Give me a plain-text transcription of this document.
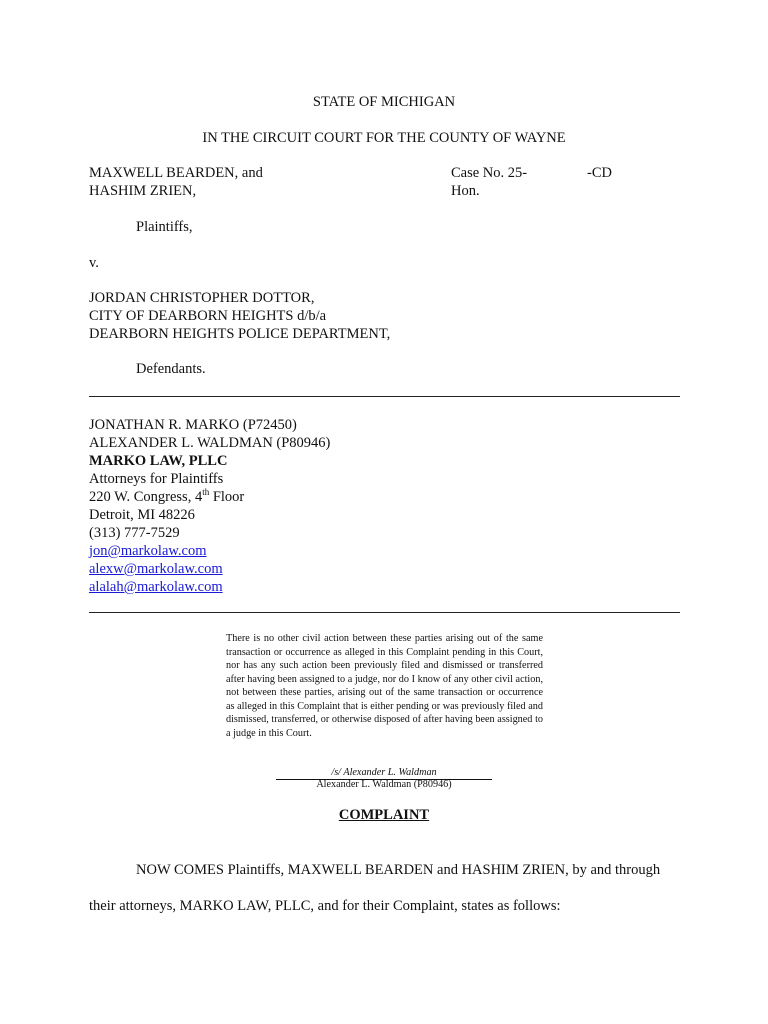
STATE OF MICHIGAN
IN THE CIRCUIT COURT FOR THE COUNTY OF WAYNE
MAXWELL BEARDEN, and
HASHIM ZRIEN,
Plaintiffs,
v.
JORDAN CHRISTOPHER DOTTOR,
CITY OF DEARBORN HEIGHTS d/b/a
DEARBORN HEIGHTS POLICE DEPARTMENT,
Defendants.
Case No. 25-	-CD
Hon.
JONATHAN R. MARKO (P72450)
ALEXANDER L. WALDMAN (P80946)
MARKO LAW, PLLC
Attorneys for Plaintiffs
220 W. Congress, 4th Floor
Detroit, MI 48226
(313) 777-7529
jon@markolaw.com
alexw@markolaw.com
alalah@markolaw.com
There is no other civil action between these parties arising out of the same transaction or occurrence as alleged in this Complaint pending in this Court, nor has any such action been previously filed and dismissed or transferred after having been assigned to a judge, nor do I know of any other civil action, not between these parties, arising out of the same transaction or occurrence as alleged in this Complaint that is either pending or was previously filed and dismissed, transferred, or otherwise disposed of after having been assigned to a judge in this Court.
/s/ Alexander L. Waldman
Alexander L. Waldman (P80946)
COMPLAINT
NOW COMES Plaintiffs, MAXWELL BEARDEN and HASHIM ZRIEN, by and through
their attorneys, MARKO LAW, PLLC, and for their Complaint, states as follows:
